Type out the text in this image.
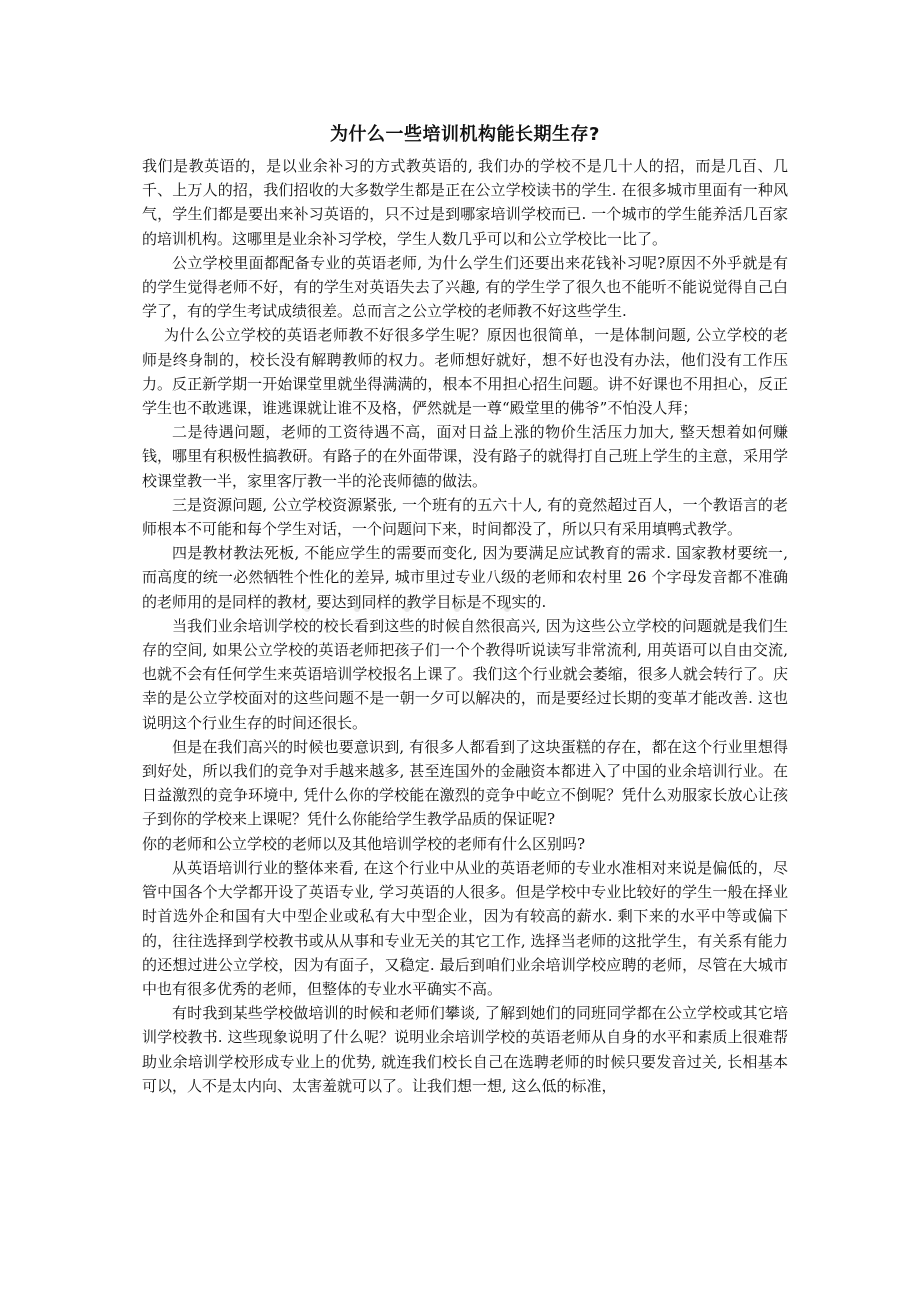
为什么一些培训机构能长期生存?

我们是教英语的，是以业余补习的方式教英语的, 我们办的学校不是几十人的招，而是几百、几千、上万人的招，我们招收的大多数学生都是正在公立学校读书的学生. 在很多城市里面有一种风气，学生们都是要出来补习英语的，只不过是到哪家培训学校而已. 一个城市的学生能养活几百家的培训机构。这哪里是业余补习学校，学生人数几乎可以和公立学校比一比了。

公立学校里面都配备专业的英语老师, 为什么学生们还要出来花钱补习呢?原因不外乎就是有的学生觉得老师不好，有的学生对英语失去了兴趣, 有的学生学了很久也不能听不能说觉得自己白学了，有的学生考试成绩很差。总而言之公立学校的老师教不好这些学生.

为什么公立学校的英语老师教不好很多学生呢？原因也很简单，一是体制问题, 公立学校的老师是终身制的，校长没有解聘教师的权力。老师想好就好，想不好也没有办法，他们没有工作压力。反正新学期一开始课堂里就坐得满满的，根本不用担心招生问题。讲不好课也不用担心，反正学生也不敢逃课，谁逃课就让谁不及格，俨然就是一尊“殿堂里的佛爷”不怕没人拜；

二是待遇问题，老师的工资待遇不高，面对日益上涨的物价生活压力加大, 整天想着如何赚钱，哪里有积极性搞教研。有路子的在外面带课，没有路子的就得打自己班上学生的主意，采用学校课堂教一半，家里客厅教一半的沦丧师德的做法。

三是资源问题, 公立学校资源紧张, 一个班有的五六十人, 有的竟然超过百人，一个教语言的老师根本不可能和每个学生对话，一个问题问下来，时间都没了，所以只有采用填鸭式教学。

四是教材教法死板, 不能应学生的需要而变化, 因为要满足应试教育的需求. 国家教材要统一, 而高度的统一必然牺牲个性化的差异, 城市里过专业八级的老师和农村里 26 个字母发音都不准确的老师用的是同样的教材, 要达到同样的教学目标是不现实的.

当我们业余培训学校的校长看到这些的时候自然很高兴, 因为这些公立学校的问题就是我们生存的空间, 如果公立学校的英语老师把孩子们一个个教得听说读写非常流利, 用英语可以自由交流, 也就不会有任何学生来英语培训学校报名上课了。我们这个行业就会萎缩，很多人就会转行了。庆幸的是公立学校面对的这些问题不是一朝一夕可以解决的，而是要经过长期的变革才能改善. 这也说明这个行业生存的时间还很长。

但是在我们高兴的时候也要意识到, 有很多人都看到了这块蛋糕的存在，都在这个行业里想得到好处，所以我们的竞争对手越来越多, 甚至连国外的金融资本都进入了中国的业余培训行业。在日益激烈的竞争环境中, 凭什么你的学校能在激烈的竞争中屹立不倒呢？凭什么劝服家长放心让孩子到你的学校来上课呢？凭什么你能给学生教学品质的保证呢?

你的老师和公立学校的老师以及其他培训学校的老师有什么区别吗?

从英语培训行业的整体来看, 在这个行业中从业的英语老师的专业水准相对来说是偏低的，尽管中国各个大学都开设了英语专业, 学习英语的人很多。但是学校中专业比较好的学生一般在择业时首选外企和国有大中型企业或私有大中型企业，因为有较高的薪水. 剩下来的水平中等或偏下的，往往选择到学校教书或从从事和专业无关的其它工作, 选择当老师的这批学生，有关系有能力的还想过进公立学校，因为有面子，又稳定. 最后到咱们业余培训学校应聘的老师，尽管在大城市中也有很多优秀的老师，但整体的专业水平确实不高。

有时我到某些学校做培训的时候和老师们攀谈, 了解到她们的同班同学都在公立学校或其它培训学校教书. 这些现象说明了什么呢？说明业余培训学校的英语老师从自身的水平和素质上很难帮助业余培训学校形成专业上的优势, 就连我们校长自己在选聘老师的时候只要发音过关, 长相基本可以，人不是太内向、太害羞就可以了。让我们想一想, 这么低的标准，
